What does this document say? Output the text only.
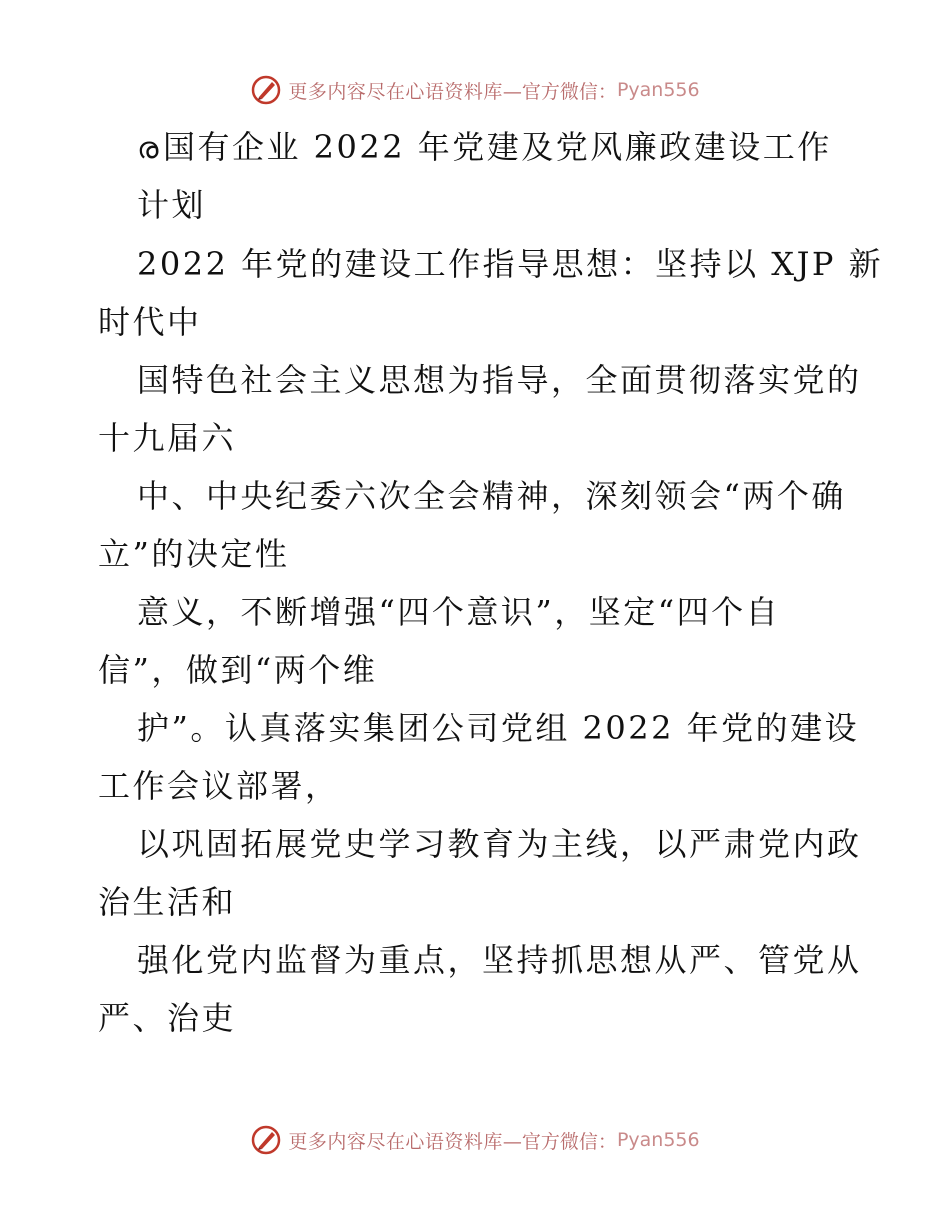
更多内容尽在心语资料库 —官方微信： Pyan556
ര国有企业 2022 年党建及党风廉政建设工作
计划
2022 年党的建设工作指导思想：坚持以 XJP 新
时代中
国特色社会主义思想为指导，全面贯彻落实党的
十九届六
中、中央纪委六次全会精神，深刻领会“两个确
立”的决定性
意义，不断增强“四个意识”，坚定“四个自
信”，做到“两个维
护”。认真落实集团公司党组 2022 年党的建设
工作会议部署，
以巩固拓展党史学习教育为主线，以严肃党内政
治生活和
强化党内监督为重点，坚持抓思想从严、管党从
严、治吏
更多内容尽在心语资料库 —官方微信： Pyan556
